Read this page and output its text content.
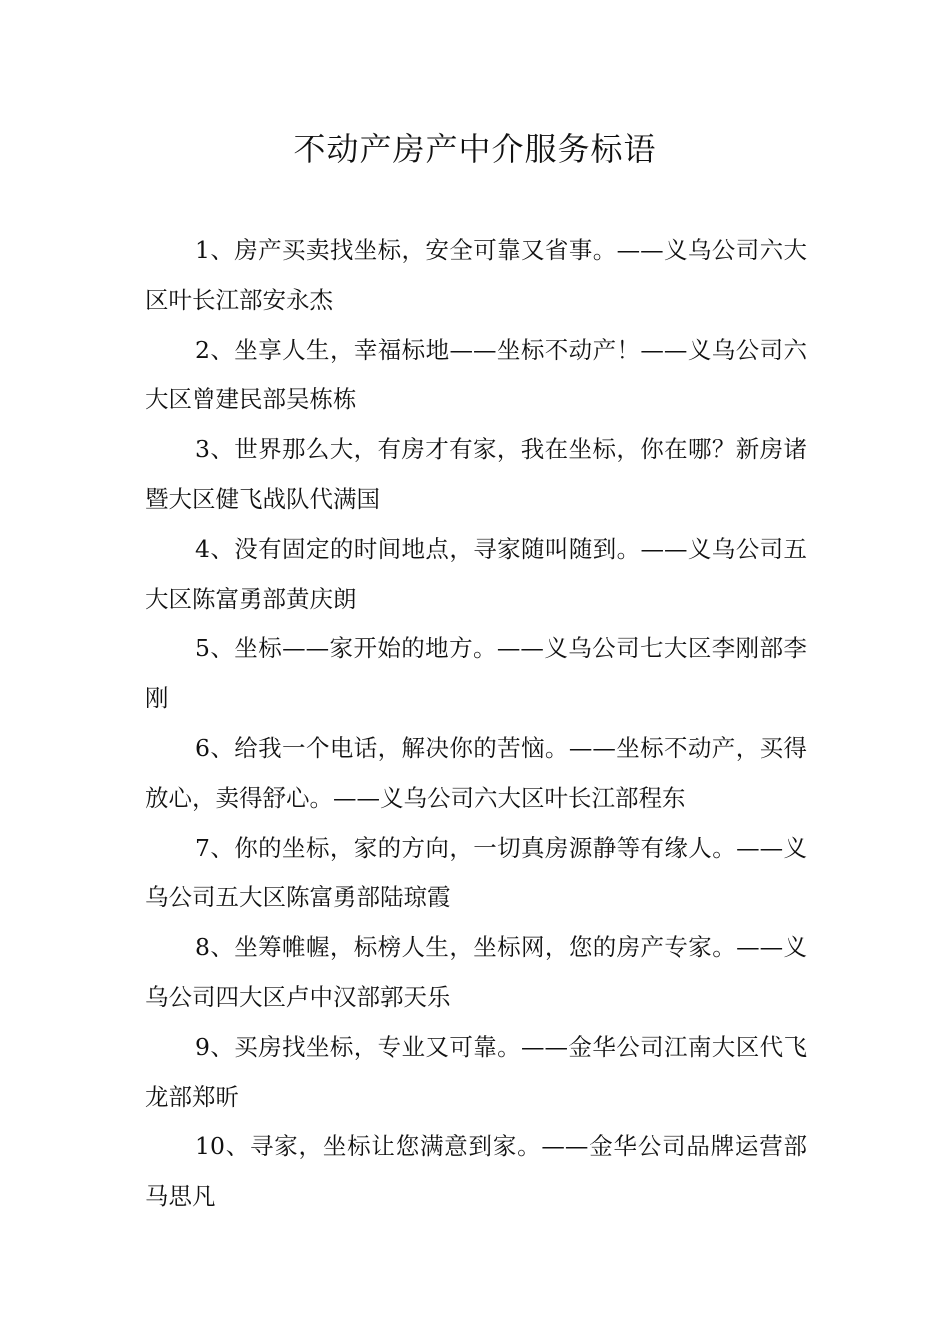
不动产房产中介服务标语

1、房产买卖找坐标，安全可靠又省事。——义乌公司六大区叶长江部安永杰

2、坐享人生，幸福标地——坐标不动产！——义乌公司六大区曾建民部吴栋栋

3、世界那么大，有房才有家，我在坐标，你在哪？新房诸暨大区健飞战队代满国

4、没有固定的时间地点，寻家随叫随到。——义乌公司五大区陈富勇部黄庆朗

5、坐标——家开始的地方。——义乌公司七大区李刚部李刚

6、给我一个电话，解决你的苦恼。——坐标不动产，买得放心，卖得舒心。——义乌公司六大区叶长江部程东

7、你的坐标，家的方向，一切真房源静等有缘人。——义乌公司五大区陈富勇部陆琼霞

8、坐筹帷幄，标榜人生，坐标网，您的房产专家。——义乌公司四大区卢中汉部郭天乐

9、买房找坐标，专业又可靠。——金华公司江南大区代飞龙部郑昕

10、寻家，坐标让您满意到家。——金华公司品牌运营部马思凡
